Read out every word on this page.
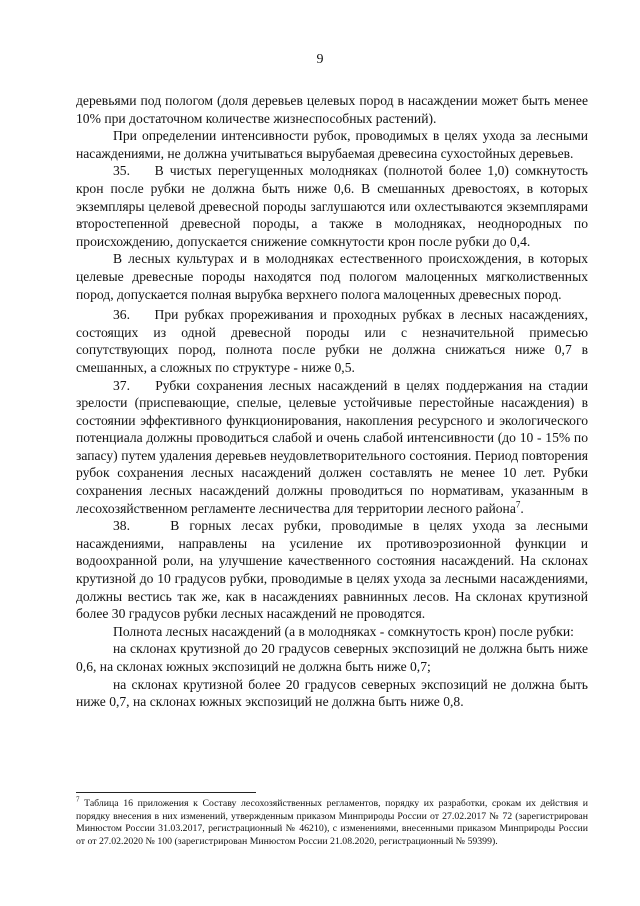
9

деревьями под пологом (доля деревьев целевых пород в насаждении может быть менее 10% при достаточном количестве жизнеспособных растений).

При определении интенсивности рубок, проводимых в целях ухода за лесными насаждениями, не должна учитываться вырубаемая древесина сухостойных деревьев.

35. В чистых перегущенных молодняках (полнотой более 1,0) сомкнутость крон после рубки не должна быть ниже 0,6. В смешанных древостоях, в которых экземпляры целевой древесной породы заглушаются или охлестываются экземплярами второстепенной древесной породы, а также в молодняках, неоднородных по происхождению, допускается снижение сомкнутости крон после рубки до 0,4.

В лесных культурах и в молодняках естественного происхождения, в которых целевые древесные породы находятся под пологом малоценных мягколиственных пород, допускается полная вырубка верхнего полога малоценных древесных пород.

36. При рубках прореживания и проходных рубках в лесных насаждениях, состоящих из одной древесной породы или с незначительной примесью сопутствующих пород, полнота после рубки не должна снижаться ниже 0,7 в смешанных, а сложных по структуре - ниже 0,5.

37. Рубки сохранения лесных насаждений в целях поддержания на стадии зрелости (приспевающие, спелые, целевые устойчивые перестойные насаждения) в состоянии эффективного функционирования, накопления ресурсного и экологического потенциала должны проводиться слабой и очень слабой интенсивности (до 10 - 15% по запасу) путем удаления деревьев неудовлетворительного состояния. Период повторения рубок сохранения лесных насаждений должен составлять не менее 10 лет. Рубки сохранения лесных насаждений должны проводиться по нормативам, указанным в лесохозяйственном регламенте лесничества для территории лесного района$^7$.

38.	В горных лесах рубки, проводимые в целях ухода за лесными насаждениями, направлены на усиление их противоэрозионной функции и водоохранной роли, на улучшение качественного состояния насаждений. На склонах крутизной до 10 градусов рубки, проводимые в целях ухода за лесными насаждениями, должны вестись так же, как в насаждениях равнинных лесов. На склонах крутизной более 30 градусов рубки лесных насаждений не проводятся.

Полнота лесных насаждений (а в молодняках - сомкнутость крон) после рубки:

на склонах крутизной до 20 градусов северных экспозиций не должна быть ниже 0,6, на склонах южных экспозиций не должна быть ниже 0,7;

на склонах крутизной более 20 градусов северных экспозиций не должна быть ниже 0,7, на склонах южных экспозиций не должна быть ниже 0,8.

$^7$ Таблица 16 приложения к Составу лесохозяйственных регламентов, порядку их разработки, срокам их действия и порядку внесения в них изменений, утвержденным приказом Минприроды России от 27.02.2017 № 72 (зарегистрирован Минюстом России 31.03.2017, регистрационный № 46210), с изменениями, внесенными приказом Минприроды России от от 27.02.2020 № 100 (зарегистрирован Минюстом России 21.08.2020, регистрационный № 59399).
